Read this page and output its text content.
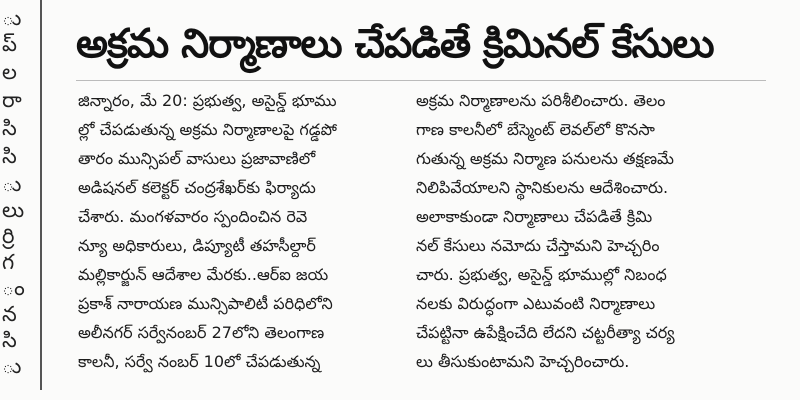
ు
ప్
ల
రా
సి
సి
ు
లు
ర్రి
గ
ం
న
సి
ు
అక్రమ నిర్మాణాలు చేపడితే క్రిమినల్ కేసులు
జిన్నారం, మే 20: ప్రభుత్వ, అసైన్డ్ భూము
ల్లో చేపడుతున్న అక్రమ నిర్మాణాలపై గడ్డపో
తారం మున్సిపల్ వాసులు ప్రజావాణిలో
అడిషనల్ కలెక్టర్ చంద్రశేఖర్‌కు ఫిర్యాదు
చేశారు. మంగళవారం స్పందించిన రెవె
న్యూ అధికారులు, డిప్యూటీ తహసీల్దార్
మల్లికార్జున్ ఆదేశాల మేరకు..ఆర్ఐ జయ
ప్రకాశ్ నారాయణ మున్సిపాలిటీ పరిధిలోని
అలీనగర్ సర్వేనంబర్ 27లోని తెలంగాణ
కాలనీ, సర్వే నంబర్ 10లో చేపడుతున్న
అక్రమ నిర్మాణాలను పరిశీలించారు. తెలం
గాణ కాలనీలో బేస్మెంట్ లెవల్‌లో కొనసా
గుతున్న అక్రమ నిర్మాణ పనులను తక్షణమే
నిలిపివేయాలని స్థానికులను ఆదేశించారు.
అలాకాకుండా నిర్మాణాలు చేపడితే క్రిమి
నల్ కేసులు నమోదు చేస్తామని హెచ్చరిం
చారు. ప్రభుత్వ, అసైన్డ్ భూముల్లో నిబంధ
నలకు విరుద్ధంగా ఎటువంటి నిర్మాణాలు
చేపట్టినా ఉపేక్షించేది లేదని చట్టరీత్యా చర్య
లు తీసుకుంటామని హెచ్చరించారు.
